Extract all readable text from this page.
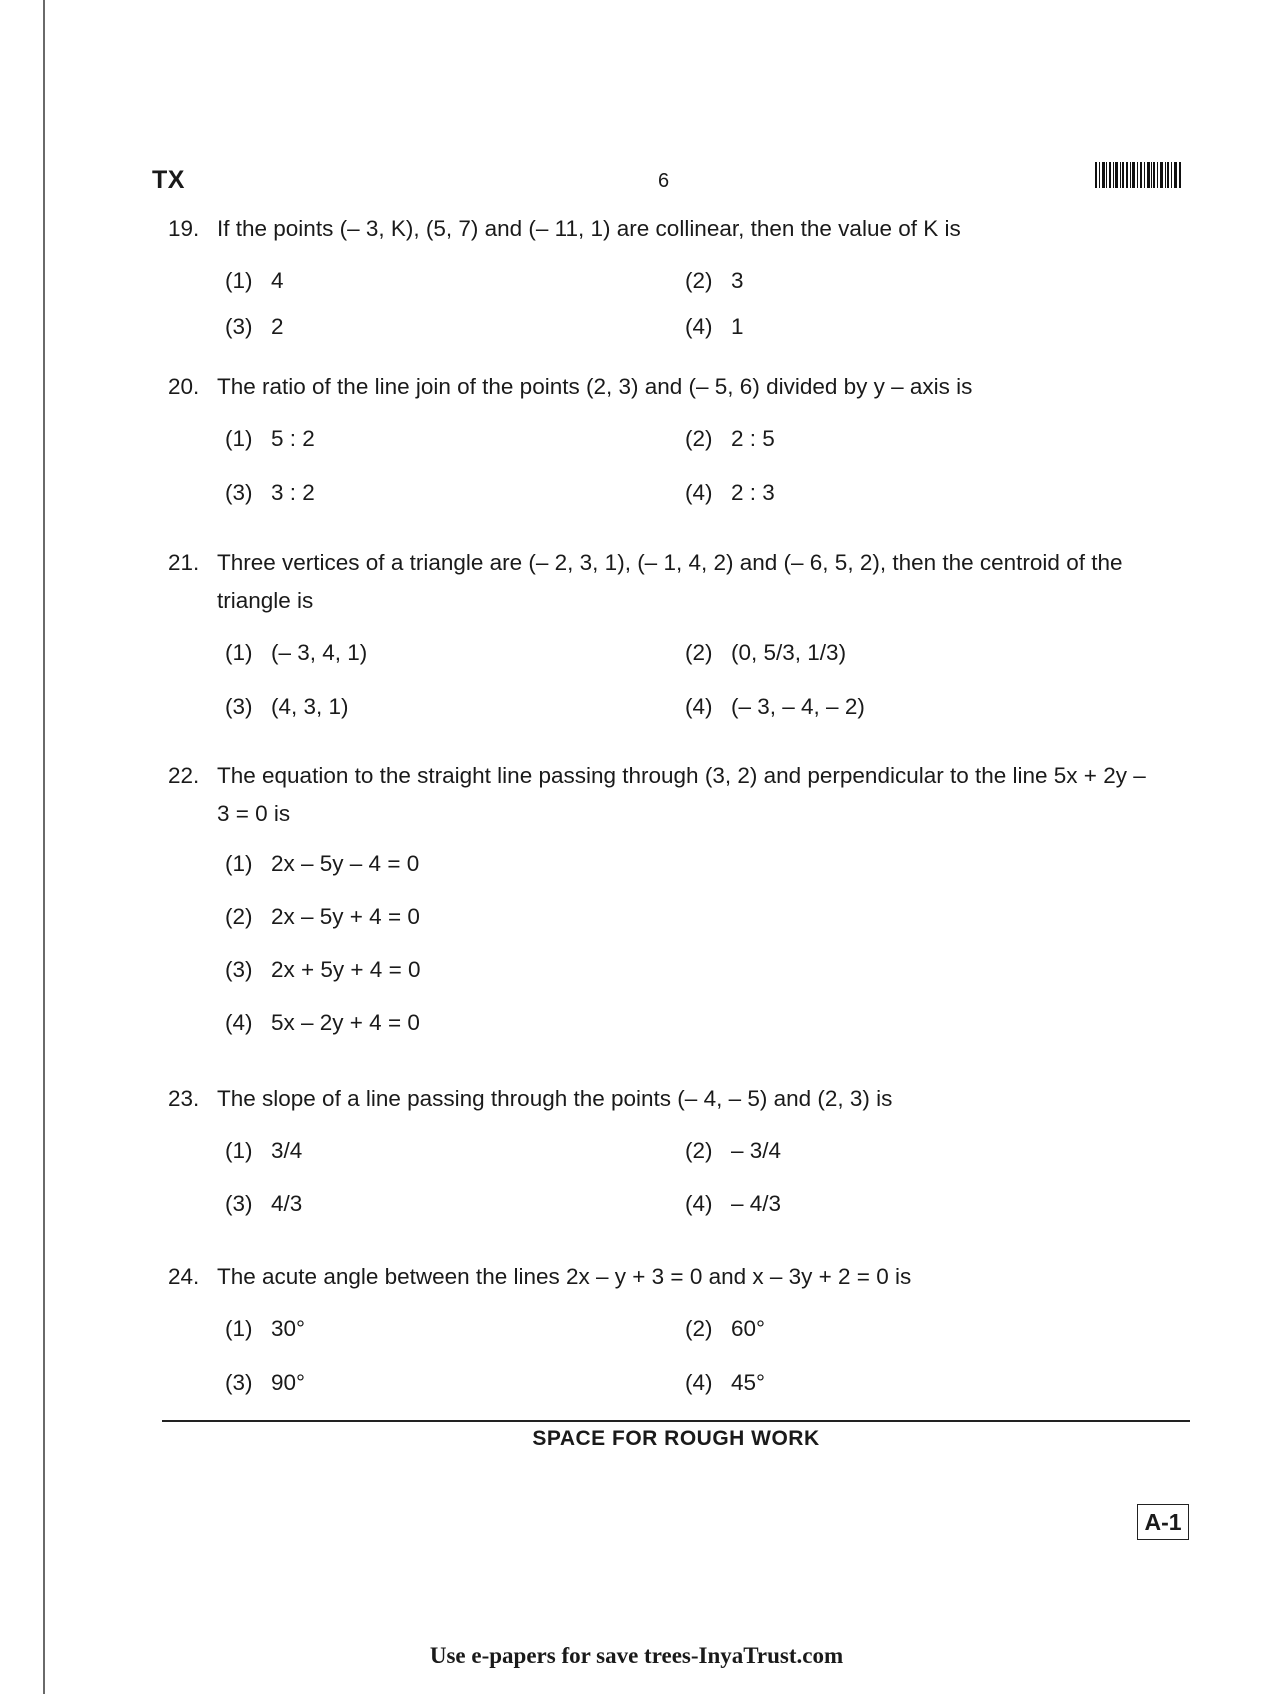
TX	6
19. If the points (– 3, K), (5, 7) and (– 11, 1) are collinear, then the value of K is
(1) 4	(2) 3
(3) 2	(4) 1
20. The ratio of the line join of the points (2, 3) and (– 5, 6) divided by y – axis is
(1) 5 : 2	(2) 2 : 5
(3) 3 : 2	(4) 2 : 3
21. Three vertices of a triangle are (– 2, 3, 1), (– 1, 4, 2) and (– 6, 5, 2), then the centroid of the triangle is
(1) (– 3, 4, 1)	(2) (0, 5/3, 1/3)
(3) (4, 3, 1)	(4) (– 3, – 4, – 2)
22. The equation to the straight line passing through (3, 2) and perpendicular to the line 5x + 2y – 3 = 0 is
(1) 2x – 5y – 4 = 0
(2) 2x – 5y + 4 = 0
(3) 2x + 5y + 4 = 0
(4) 5x – 2y + 4 = 0
23. The slope of a line passing through the points (– 4, – 5) and (2, 3) is
(1) 3/4	(2) – 3/4
(3) 4/3	(4) – 4/3
24. The acute angle between the lines 2x – y + 3 = 0 and x – 3y + 2 = 0 is
(1) 30°	(2) 60°
(3) 90°	(4) 45°
SPACE FOR ROUGH WORK
A-1
Use e-papers for save trees-InyaTrust.com
